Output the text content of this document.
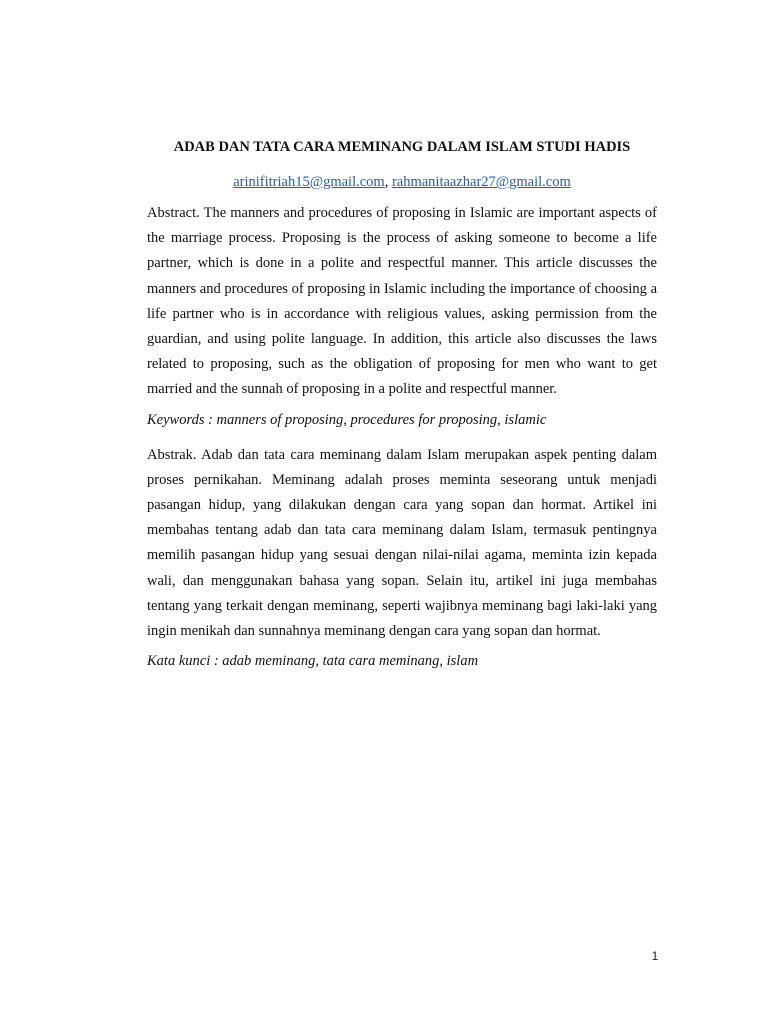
ADAB DAN TATA CARA MEMINANG DALAM ISLAM STUDI HADIS

arinifitriah15@gmail.com, rahmanitaazhar27@gmail.com

Abstract. The manners and procedures of proposing in Islamic are important aspects of the marriage process. Proposing is the process of asking someone to become a life partner, which is done in a polite and respectful manner. This article discusses the manners and procedures of proposing in Islamic including the importance of choosing a life partner who is in accordance with religious values, asking permission from the guardian, and using polite language. In addition, this article also discusses the laws related to proposing, such as the obligation of proposing for men who want to get married and the sunnah of proposing in a polite and respectful manner.

Keywords : manners of proposing, procedures for proposing, islamic

Abstrak. Adab dan tata cara meminang dalam Islam merupakan aspek penting dalam proses pernikahan. Meminang adalah proses meminta seseorang untuk menjadi pasangan hidup, yang dilakukan dengan cara yang sopan dan hormat. Artikel ini membahas tentang adab dan tata cara meminang dalam Islam, termasuk pentingnya memilih pasangan hidup yang sesuai dengan nilai-nilai agama, meminta izin kepada wali, dan menggunakan bahasa yang sopan. Selain itu, artikel ini juga membahas tentang yang terkait dengan meminang, seperti wajibnya meminang bagi laki-laki yang ingin menikah dan sunnahnya meminang dengan cara yang sopan dan hormat.

Kata kunci : adab meminang, tata cara meminang, islam

1
